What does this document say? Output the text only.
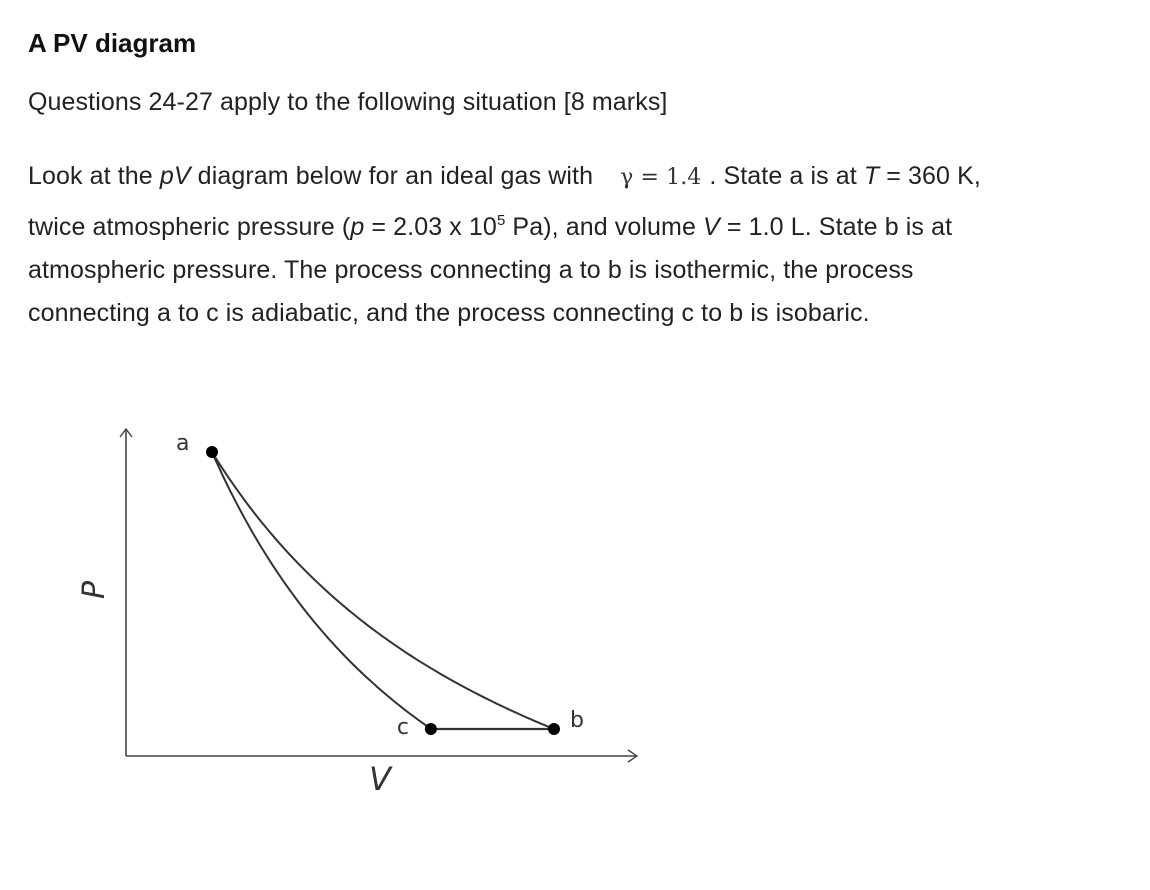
A PV diagram

Questions 24-27 apply to the following situation [8 marks]

Look at the pV diagram below for an ideal gas with γ = 1.4 . State a is at T = 360 K,
twice atmospheric pressure (p = 2.03 x $10^5$ Pa), and volume V = 1.0 L. State b is at
atmospheric pressure. The process connecting a to b is isothermic, the process
connecting a to c is adiabatic, and the process connecting c to b is isobaric.
P
V
a
b
c
